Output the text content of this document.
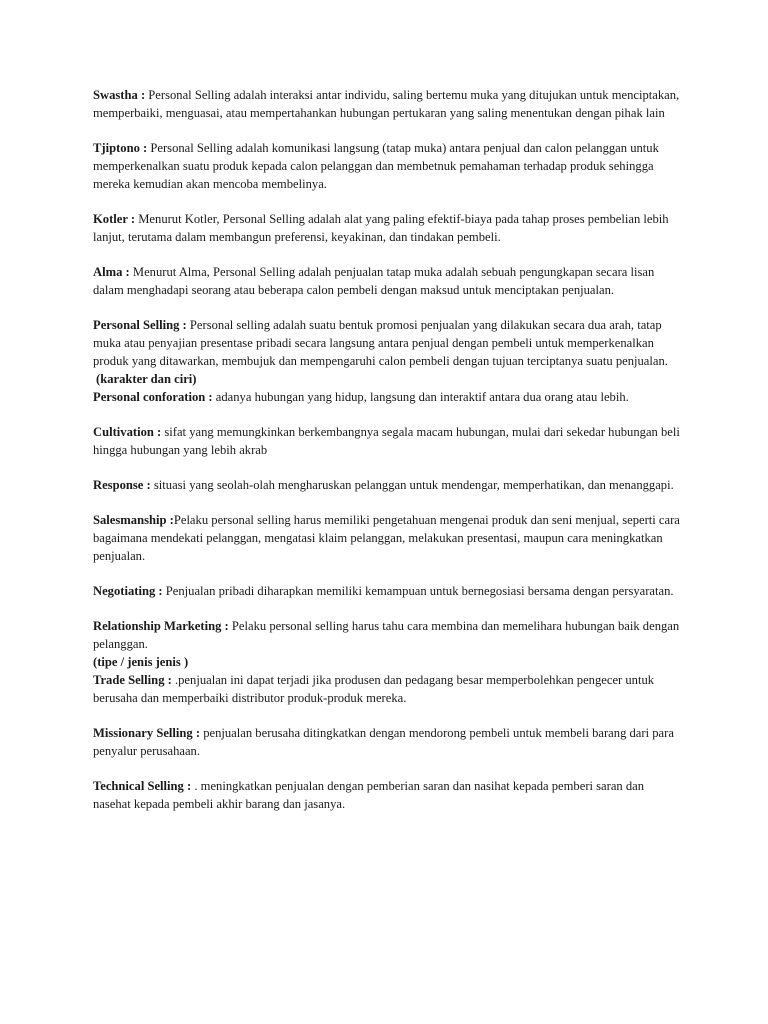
Swastha : Personal Selling adalah interaksi antar individu, saling bertemu muka yang ditujukan untuk menciptakan, memperbaiki, menguasai, atau mempertahankan hubungan pertukaran yang saling menentukan dengan pihak lain

Tjiptono : Personal Selling adalah komunikasi langsung (tatap muka) antara penjual dan calon pelanggan untuk memperkenalkan suatu produk kepada calon pelanggan dan membetnuk pemahaman terhadap produk sehingga mereka kemudian akan mencoba membelinya.

Kotler : Menurut Kotler, Personal Selling adalah alat yang paling efektif-biaya pada tahap proses pembelian lebih lanjut, terutama dalam membangun preferensi, keyakinan, dan tindakan pembeli.

Alma : Menurut Alma, Personal Selling adalah penjualan tatap muka adalah sebuah pengungkapan secara lisan dalam menghadapi seorang atau beberapa calon pembeli dengan maksud untuk menciptakan penjualan.

Personal Selling : Personal selling adalah suatu bentuk promosi penjualan yang dilakukan secara dua arah, tatap muka atau penyajian presentase pribadi secara langsung antara penjual dengan pembeli untuk memperkenalkan produk yang ditawarkan, membujuk dan mempengaruhi calon pembeli dengan tujuan terciptanya suatu penjualan.

(karakter dan ciri)

Personal conforation : adanya hubungan yang hidup, langsung dan interaktif antara dua orang atau lebih.

Cultivation : sifat yang memungkinkan berkembangnya segala macam hubungan, mulai dari sekedar hubungan beli hingga hubungan yang lebih akrab

Response : situasi yang seolah-olah mengharuskan pelanggan untuk mendengar, memperhatikan, dan menanggapi.

Salesmanship :Pelaku personal selling harus memiliki pengetahuan mengenai produk dan seni menjual, seperti cara bagaimana mendekati pelanggan, mengatasi klaim pelanggan, melakukan presentasi, maupun cara meningkatkan penjualan.

Negotiating : Penjualan pribadi diharapkan memiliki kemampuan untuk bernegosiasi bersama dengan persyaratan.

Relationship Marketing : Pelaku personal selling harus tahu cara membina dan memelihara hubungan baik dengan pelanggan.

(tipe / jenis jenis )

Trade Selling : .penjualan ini dapat terjadi jika produsen dan pedagang besar memperbolehkan pengecer untuk berusaha dan memperbaiki distributor produk-produk mereka.

Missionary Selling : penjualan berusaha ditingkatkan dengan mendorong pembeli untuk membeli barang dari para penyalur perusahaan.

Technical Selling : . meningkatkan penjualan dengan pemberian saran dan nasihat kepada pemberi saran dan nasehat kepada pembeli akhir barang dan jasanya.
